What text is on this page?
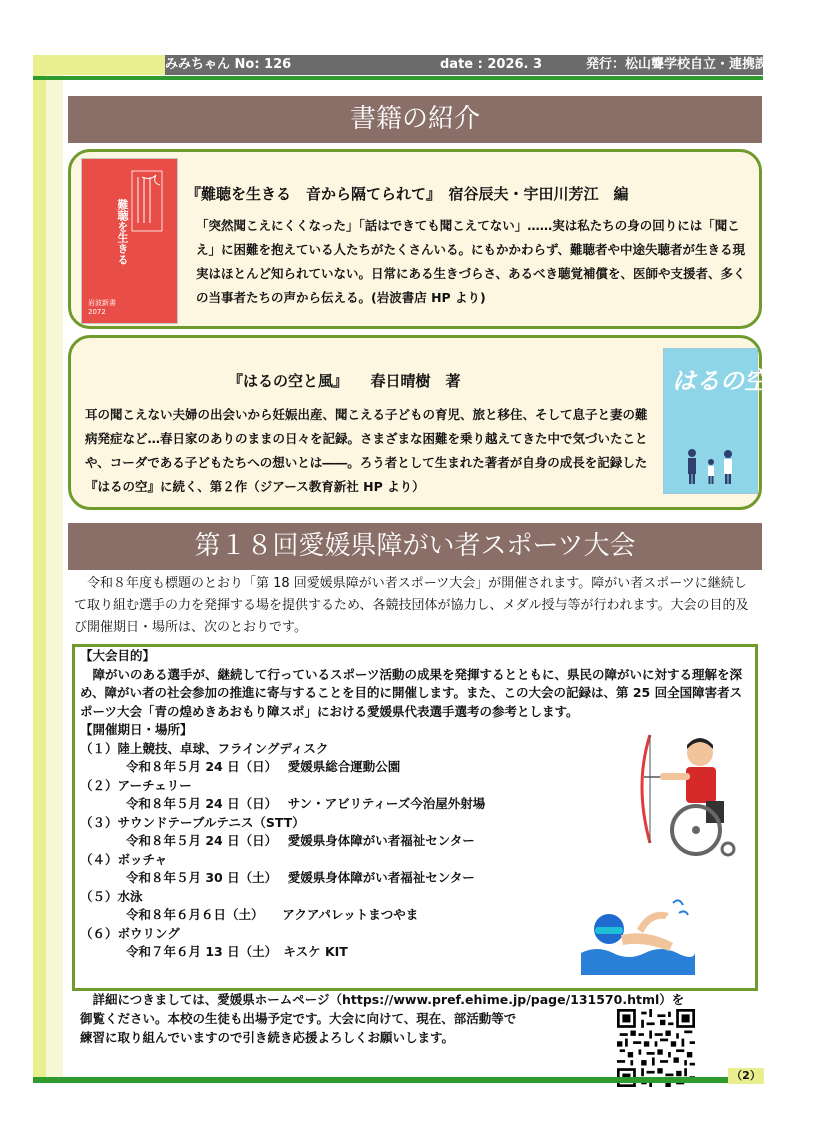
みみちゃん No: 126	date : 2026. 3	発行：松山聾学校自立・連携課
書籍の紹介
難聴を生きる
岩波新書 2072
『難聴を生きる　音から隔てられて』　宿谷辰夫・宇田川芳江　編
「突然聞こえにくくなった」「話はできても聞こえてない」……実は私たちの身の回りには「聞こえ」に困難を抱えている人たちがたくさんいる。にもかかわらず、難聴者や中途失聴者が生きる現実はほとんど知られていない。日常にある生きづらさ、あるべき聴覚補償を、医師や支援者、多くの当事者たちの声から伝える。(岩波書店 HP より)
『はるの空と風』　　春日晴樹　著
耳の聞こえない夫婦の出会いから妊娠出産、聞こえる子どもの育児、旅と移住、そして息子と妻の難病発症など…春日家のありのままの日々を記録。さまざまな困難を乗り越えてきた中で気づいたことや、コーダである子どもたちへの想いとは――。ろう者として生まれた著者が自身の成長を記録した『はるの空』に続く、第２作（ジアース教育新社 HP より）
はるの空と風
第１８回愛媛県障がい者スポーツ大会
令和８年度も標題のとおり「第 18 回愛媛県障がい者スポーツ大会」が開催されます。障がい者スポーツに継続して取り組む選手の力を発揮する場を提供するため、各競技団体が協力し、メダル授与等が行われます。大会の目的及び開催期日・場所は、次のとおりです。
【大会目的】
障がいのある選手が、継続して行っているスポーツ活動の成果を発揮するとともに、県民の障がいに対する理解を深め、障がい者の社会参加の推進に寄与することを目的に開催します。また、この大会の記録は、第 25 回全国障害者スポーツ大会「青の煌めきあおもり障スポ」における愛媛県代表選手選考の参考とします。
【開催期日・場所】
（１）陸上競技、卓球、フライングディスク
令和８年５月 24 日（日）　 愛媛県総合運動公園
（２）アーチェリー
令和８年５月 24 日（日）　 サン・アビリティーズ今治屋外射場
（３）サウンドテーブルテニス（STT）
令和８年５月 24 日（日）　 愛媛県身体障がい者福祉センター
（４）ボッチャ
令和８年５月 30 日（土）　 愛媛県身体障がい者福祉センター
（５）水泳
令和８年６月６日（土）　　アクアパレットまつやま
（６）ボウリング
令和７年６月 13 日（土）　キスケ KIT
詳細につきましては、愛媛県ホームページ（https://www.pref.ehime.jp/page/131570.html）を
御覧ください。本校の生徒も出場予定です。大会に向けて、現在、部活動等で
練習に取り組んでいますので引き続き応援よろしくお願いします。
（2）
